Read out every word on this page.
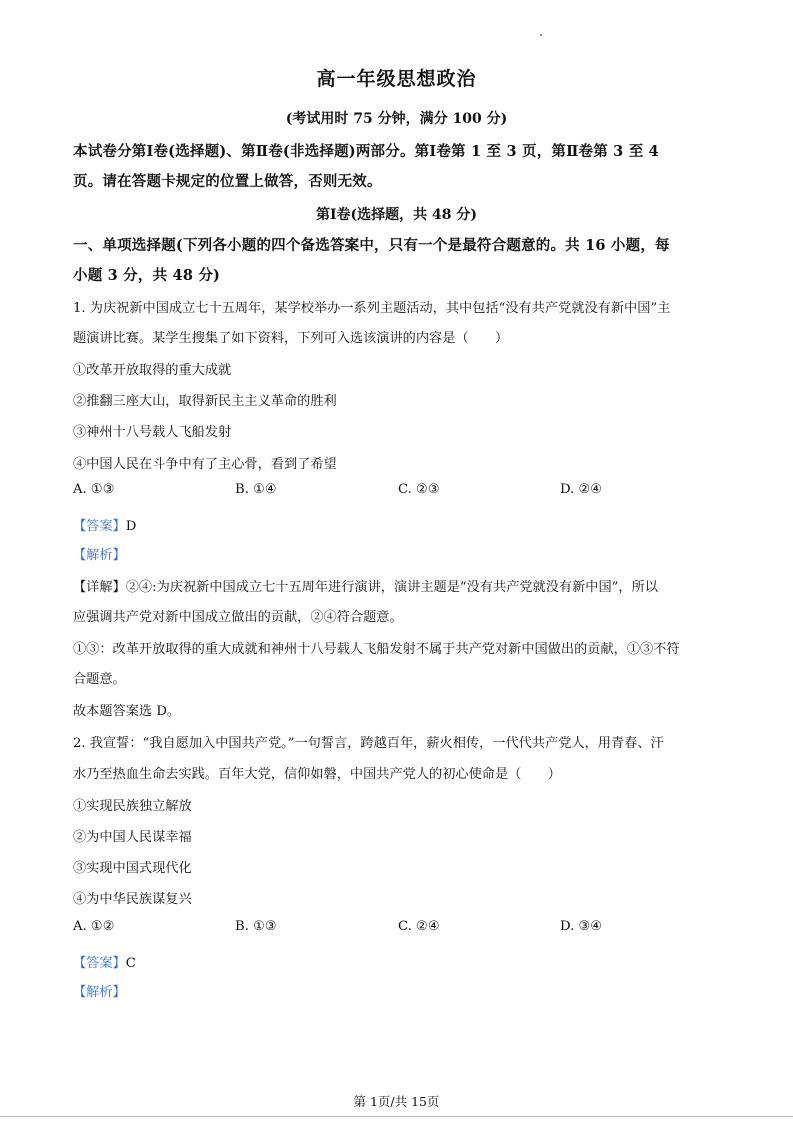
高一年级思想政治
(考试用时 75 分钟，满分 100 分)
本试卷分第Ⅰ卷(选择题)、第Ⅱ卷(非选择题)两部分。第Ⅰ卷第 1 至 3 页，第Ⅱ卷第 3 至 4
页。请在答题卡规定的位置上做答，否则无效。
第Ⅰ卷(选择题，共 48 分)
一、单项选择题(下列各小题的四个备选答案中，只有一个是最符合题意的。共 16 小题，每
小题 3 分，共 48 分)
1. 为庆祝新中国成立七十五周年，某学校举办一系列主题活动，其中包括“没有共产党就没有新中国”主
题演讲比赛。某学生搜集了如下资料，下列可入选该演讲的内容是（　　）
①改革开放取得的重大成就
②推翻三座大山，取得新民主主义革命的胜利
③神州十八号载人飞船发射
④中国人民在斗争中有了主心骨，看到了希望
A. ①③	B. ①④	C. ②③	D. ②④
【答案】D
【解析】
【详解】②④:为庆祝新中国成立七十五周年进行演讲，演讲主题是“没有共产党就没有新中国”，所以
应强调共产党对新中国成立做出的贡献，②④符合题意。
①③：改革开放取得的重大成就和神州十八号载人飞船发射不属于共产党对新中国做出的贡献，①③不符
合题意。
故本题答案选 D。
2. 我宣誓：“我自愿加入中国共产党。”一句誓言，跨越百年，薪火相传，一代代共产党人，用青春、汗
水乃至热血生命去实践。百年大党，信仰如磐，中国共产党人的初心使命是（　　）
①实现民族独立解放
②为中国人民谋幸福
③实现中国式现代化
④为中华民族谋复兴
A. ①②	B. ①③	C. ②④	D. ③④
【答案】C
【解析】
第 1页/共 15页
